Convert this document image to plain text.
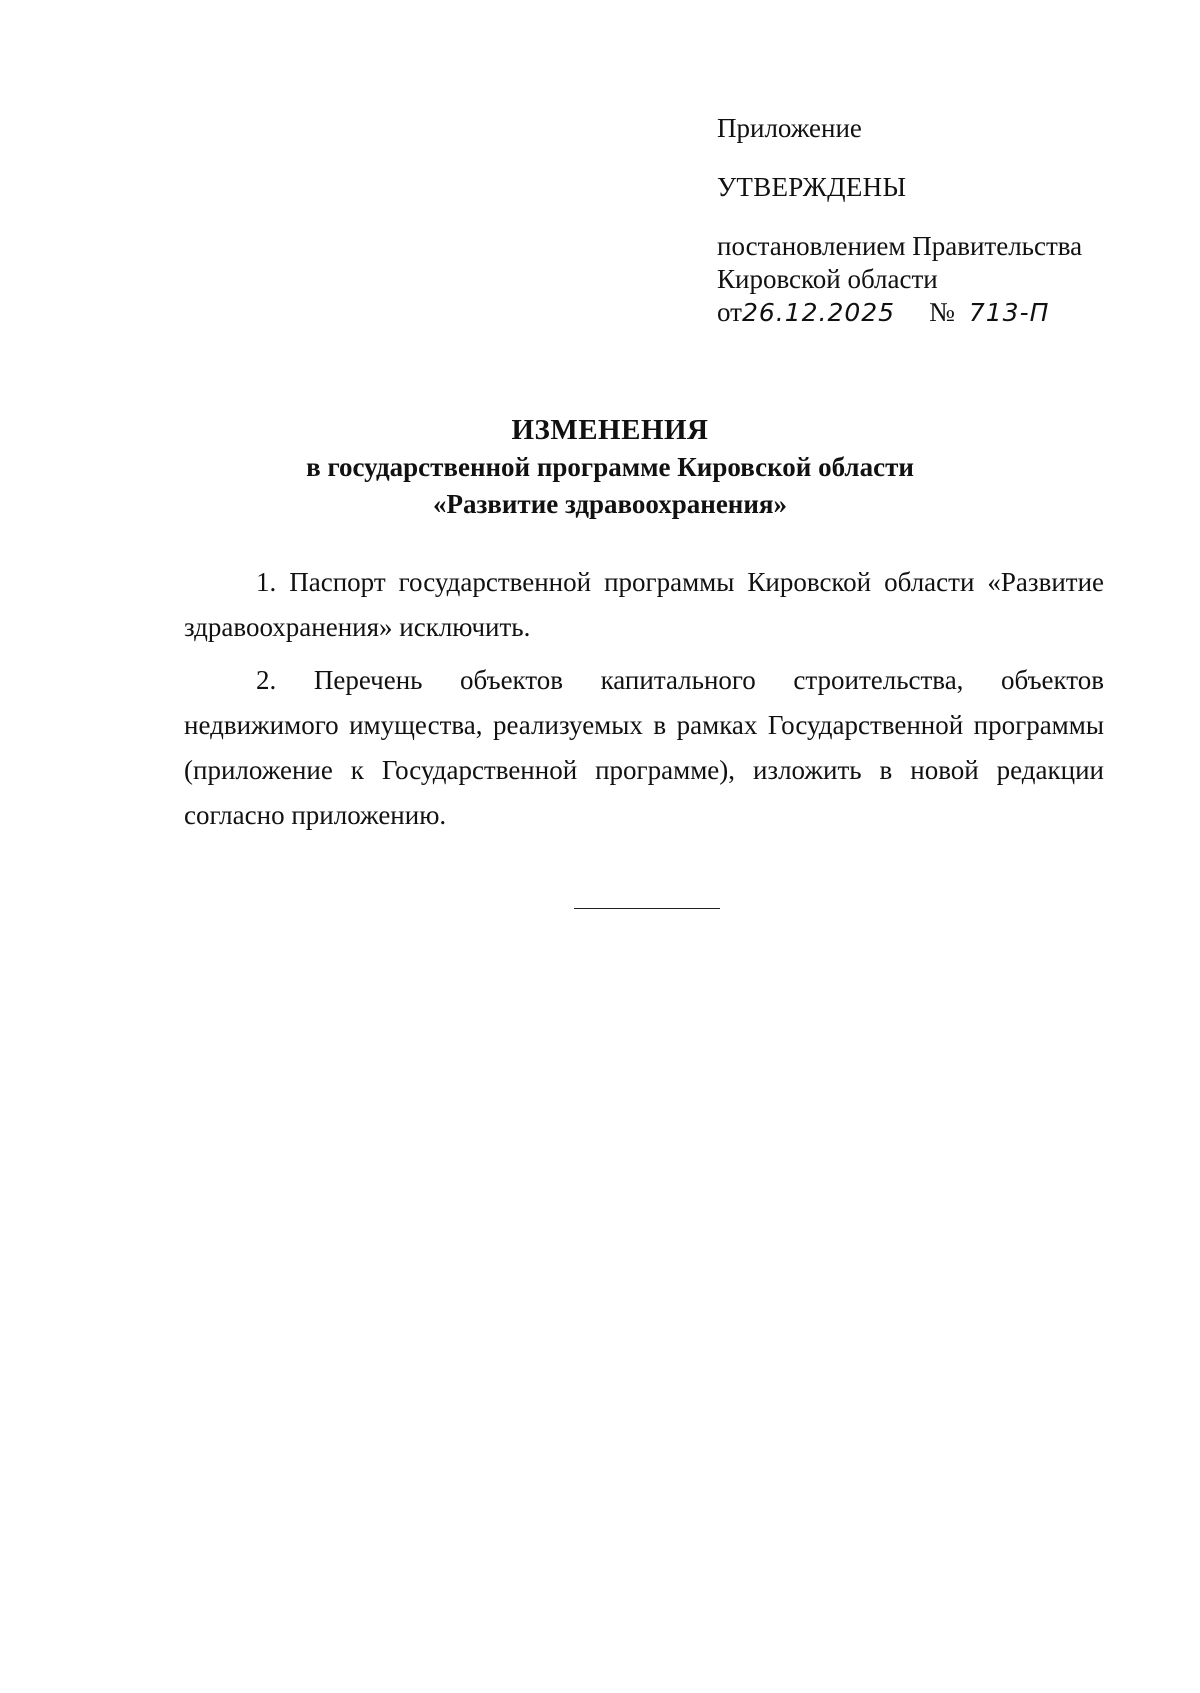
Приложение
УТВЕРЖДЕНЫ
постановлением Правительства
Кировской области
от26.12.2025 № 713-П
ИЗМЕНЕНИЯ
в государственной программе Кировской области
«Развитие здравоохранения»

1. Паспорт государственной программы Кировской области «Развитие здравоохранения» исключить.

2. Перечень объектов капитального строительства, объектов недвижимого имущества, реализуемых в рамках Государственной программы (приложение к Государственной программе), изложить в новой редакции согласно приложению.
